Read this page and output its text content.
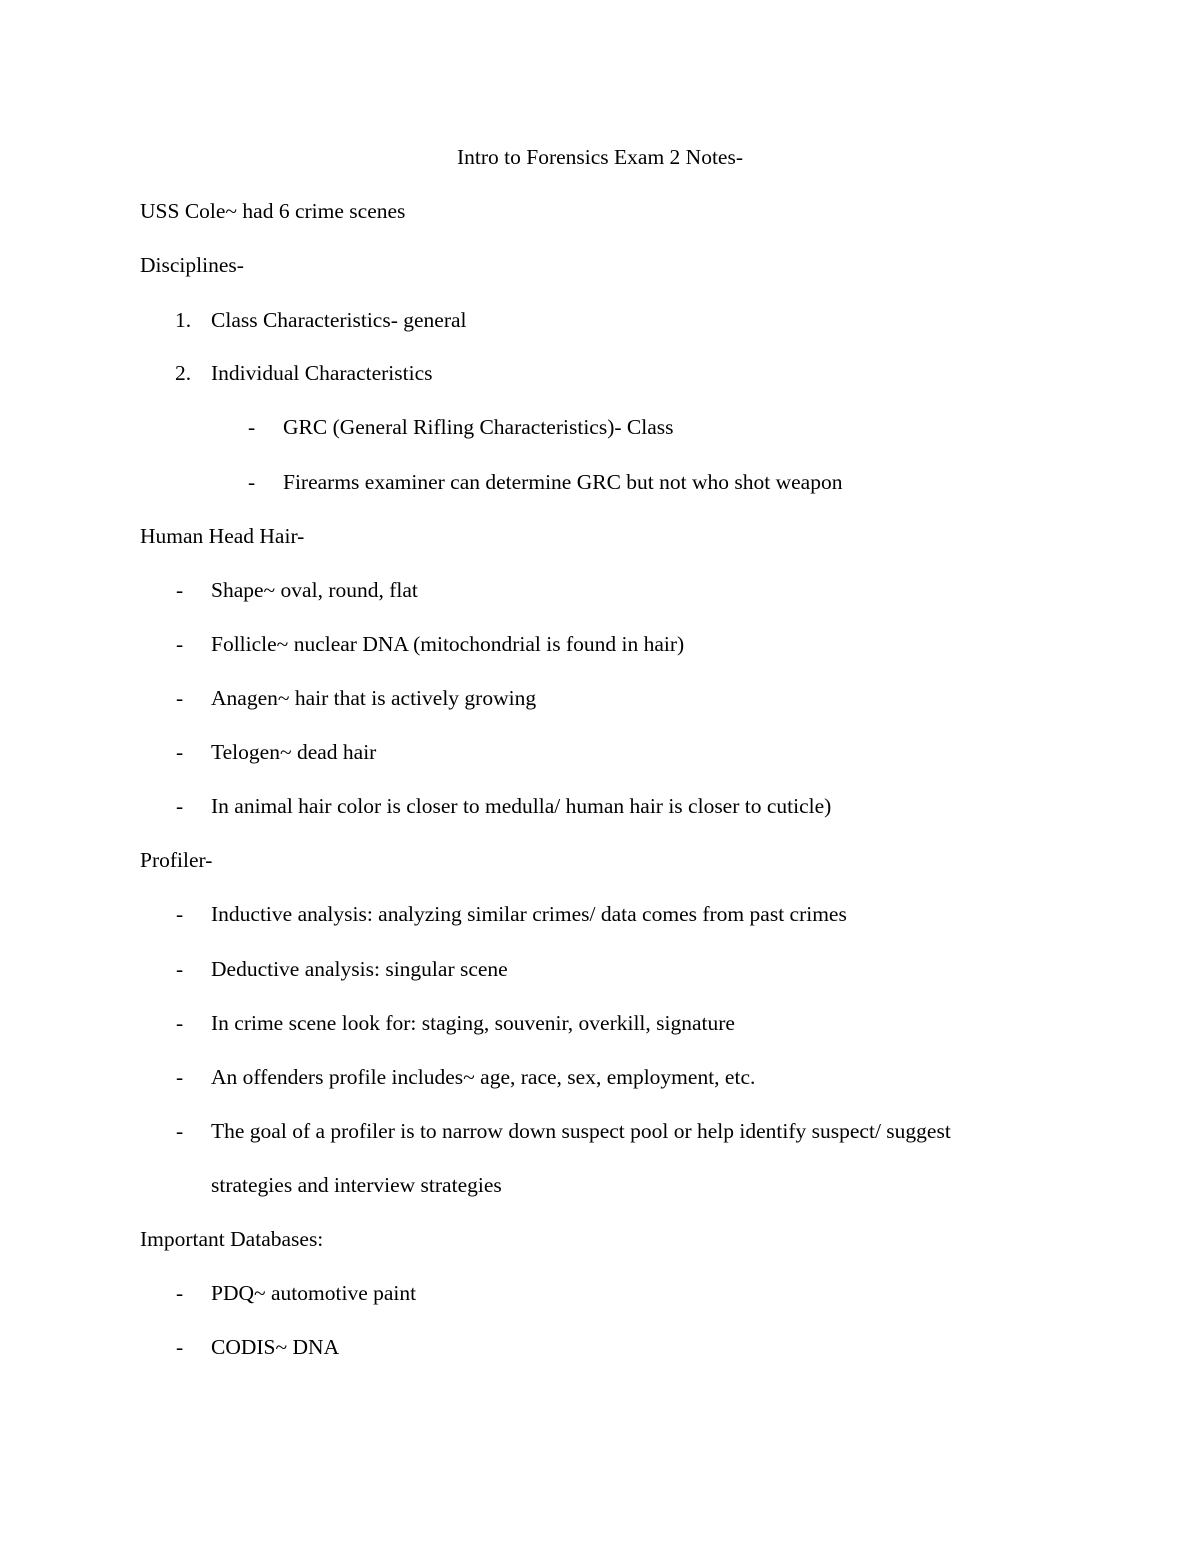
Intro to Forensics Exam 2 Notes-
USS Cole~ had 6 crime scenes
Disciplines-
1. Class Characteristics- general
2. Individual Characteristics
- GRC (General Rifling Characteristics)- Class
- Firearms examiner can determine GRC but not who shot weapon
Human Head Hair-
- Shape~ oval, round, flat
- Follicle~ nuclear DNA (mitochondrial is found in hair)
- Anagen~ hair that is actively growing
- Telogen~ dead hair
- In animal hair color is closer to medulla/ human hair is closer to cuticle)
Profiler-
- Inductive analysis: analyzing similar crimes/ data comes from past crimes
- Deductive analysis: singular scene
- In crime scene look for: staging, souvenir, overkill, signature
- An offenders profile includes~ age, race, sex, employment, etc.
- The goal of a profiler is to narrow down suspect pool or help identify suspect/ suggest
strategies and interview strategies
Important Databases:
- PDQ~ automotive paint
- CODIS~ DNA
